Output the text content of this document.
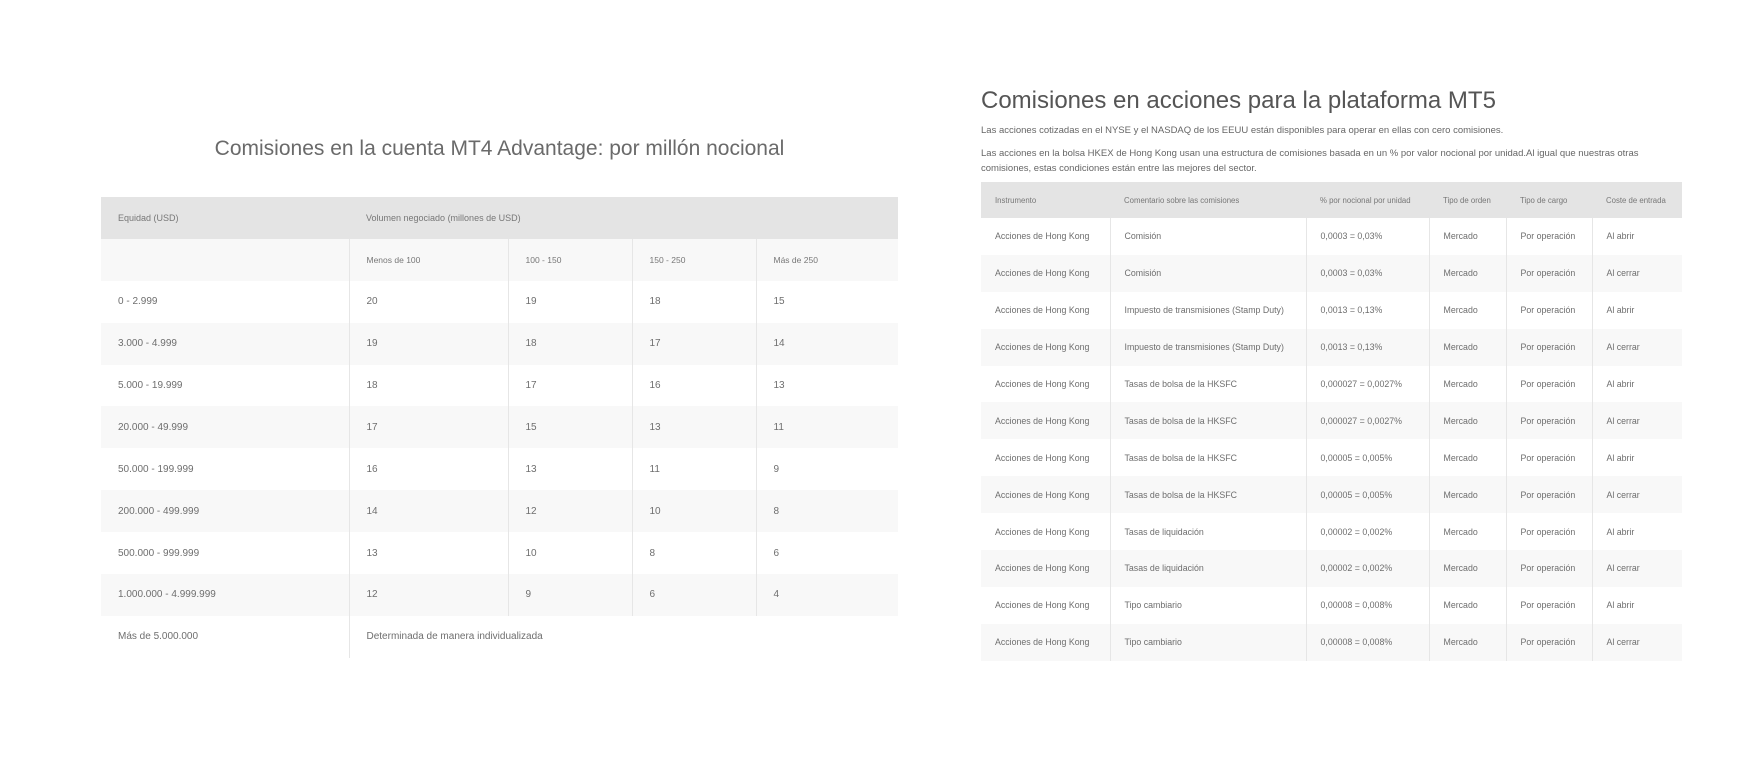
Comisiones en la cuenta MT4 Advantage: por millón nocional
Equidad (USD)	Volumen negociado (millones de USD)			
	Menos de 100	100 - 150	150 - 250	Más de 250
0 - 2.999	20	19	18	15
3.000 - 4.999	19	18	17	14
5.000 - 19.999	18	17	16	13
20.000 - 49.999	17	15	13	11
50.000 - 199.999	16	13	11	9
200.000 - 499.999	14	12	10	8
500.000 - 999.999	13	10	8	6
1.000.000 - 4.999.999	12	9	6	4
Más de 5.000.000	Determinada de manera individualizada			
Comisiones en acciones para la plataforma MT5

Las acciones cotizadas en el NYSE y el NASDAQ de los EEUU están disponibles para operar en ellas con cero comisiones.

Las acciones en la bolsa HKEX de Hong Kong usan una estructura de comisiones basada en un % por valor nocional por unidad.Al igual que nuestras otras comisiones, estas condiciones están entre las mejores del sector.

Instrumento	Comentario sobre las comisiones	% por nocional por unidad	Tipo de orden	Tipo de cargo	Coste de entrada
Acciones de Hong Kong	Comisión	0,0003 = 0,03%	Mercado	Por operación	Al abrir
Acciones de Hong Kong	Comisión	0,0003 = 0,03%	Mercado	Por operación	Al cerrar
Acciones de Hong Kong	Impuesto de transmisiones (Stamp Duty)	0,0013 = 0,13%	Mercado	Por operación	Al abrir
Acciones de Hong Kong	Impuesto de transmisiones (Stamp Duty)	0,0013 = 0,13%	Mercado	Por operación	Al cerrar
Acciones de Hong Kong	Tasas de bolsa de la HKSFC	0,000027 = 0,0027%	Mercado	Por operación	Al abrir
Acciones de Hong Kong	Tasas de bolsa de la HKSFC	0,000027 = 0,0027%	Mercado	Por operación	Al cerrar
Acciones de Hong Kong	Tasas de bolsa de la HKSFC	0,00005 = 0,005%	Mercado	Por operación	Al abrir
Acciones de Hong Kong	Tasas de bolsa de la HKSFC	0,00005 = 0,005%	Mercado	Por operación	Al cerrar
Acciones de Hong Kong	Tasas de liquidación	0,00002 = 0,002%	Mercado	Por operación	Al abrir
Acciones de Hong Kong	Tasas de liquidación	0,00002 = 0,002%	Mercado	Por operación	Al cerrar
Acciones de Hong Kong	Tipo cambiario	0,00008 = 0,008%	Mercado	Por operación	Al abrir
Acciones de Hong Kong	Tipo cambiario	0,00008 = 0,008%	Mercado	Por operación	Al cerrar
